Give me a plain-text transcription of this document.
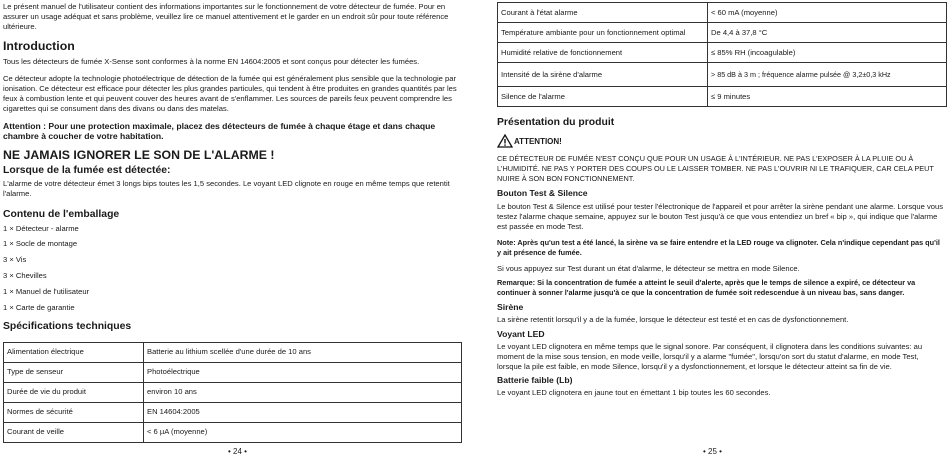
Le présent manuel de l'utilisateur contient des informations importantes sur le fonctionnement de votre détecteur de fumée. Pour en assurer un usage adéquat et sans problème, veuillez lire ce manuel attentivement et le garder en un endroit sûr pour toute référence ultérieure.

Introduction

Tous les détecteurs de fumée X-Sense sont conformes à la norme EN 14604:2005 et sont conçus pour détecter les fumées.

Ce détecteur adopte la technologie photoélectrique de détection de la fumée qui est généralement plus sensible que la technologie par ionisation. Ce détecteur est efficace pour détecter les plus grandes particules, qui tendent à être produites en grandes quantités par les feux à combustion lente et qui peuvent couver des heures avant de s'enflammer. Les sources de pareils feux peuvent comprendre les cigarettes qui se consument dans des divans ou dans des matelas.

Attention : Pour une protection maximale, placez des détecteurs de fumée à chaque étage et dans chaque chambre à coucher de votre habitation.

NE JAMAIS IGNORER LE SON DE L'ALARME !

Lorsque de la fumée est détectée:

L'alarme de votre détecteur émet 3 longs bips toutes les 1,5 secondes. Le voyant LED clignote en rouge en même temps que retentit l'alarme.

Contenu de l'emballage

1 × Détecteur - alarme

1 × Socle de montage

3 × Vis

3 × Chevilles

1 × Manuel de l'utilisateur

1 × Carte de garantie

Spécifications techniques

Alimentation électrique	Batterie au lithium scellée d'une durée de 10 ans
Type de senseur	Photoélectrique
Durée de vie du produit	environ 10 ans
Normes de sécurité	EN 14604:2005
Courant de veille	< 6 µA (moyenne)
• 24 •
Courant à l'état alarme	< 60 mA (moyenne)
Température ambiante pour un fonctionnement optimal	De 4,4 à 37,8 °C
Humidité relative de fonctionnement	≤ 85% RH (incoagulable)
Intensité de la sirène d'alarme	> 85 dB à 3 m ; fréquence alarme pulsée @ 3,2±0,3 kHz
Silence de l'alarme	≤ 9 minutes

Présentation du produit

ATTENTION!

CE DÉTECTEUR DE FUMÉE N'EST CONÇU QUE POUR UN USAGE À L'INTÉRIEUR. NE PAS L'EXPOSER À LA PLUIE OU À L'HUMIDITÉ. NE PAS Y PORTER DES COUPS OU LE LAISSER TOMBER. NE PAS L'OUVRIR NI LE TRAFIQUER, CAR CELA PEUT NUIRE À SON BON FONCTIONNEMENT.

Bouton Test & Silence

Le bouton Test & Silence est utilisé pour tester l'électronique de l'appareil et pour arrêter la sirène pendant une alarme. Lorsque vous testez l'alarme chaque semaine, appuyez sur le bouton Test jusqu'à ce que vous entendiez un bref « bip », qui indique que l'alarme est passée en mode Test.

Note: Après qu'un test a été lancé, la sirène va se faire entendre et la LED rouge va clignoter. Cela n'indique cependant pas qu'il y ait présence de fumée.

Si vous appuyez sur Test durant un état d'alarme, le détecteur se mettra en mode Silence.

Remarque: Si la concentration de fumée a atteint le seuil d'alerte, après que le temps de silence a expiré, ce détecteur va continuer à sonner l'alarme jusqu'à ce que la concentration de fumée soit redescendue à un niveau bas, sans danger.

Sirène

La sirène retentit lorsqu'il y a de la fumée, lorsque le détecteur est testé et en cas de dysfonctionnement.

Voyant LED

Le voyant LED clignotera en même temps que le signal sonore. Par conséquent, il clignotera dans les conditions suivantes: au moment de la mise sous tension, en mode veille, lorsqu'il y a alarme "fumée", lorsqu'on sort du statut d'alarme, en mode Test, lorsque la pile est faible, en mode Silence, lorsqu'il y a dysfonctionnement, et lorsque le détecteur atteint sa fin de vie.

Batterie faible (Lb)

Le voyant LED clignotera en jaune tout en émettant 1 bip toutes les 60 secondes.

• 25 •
